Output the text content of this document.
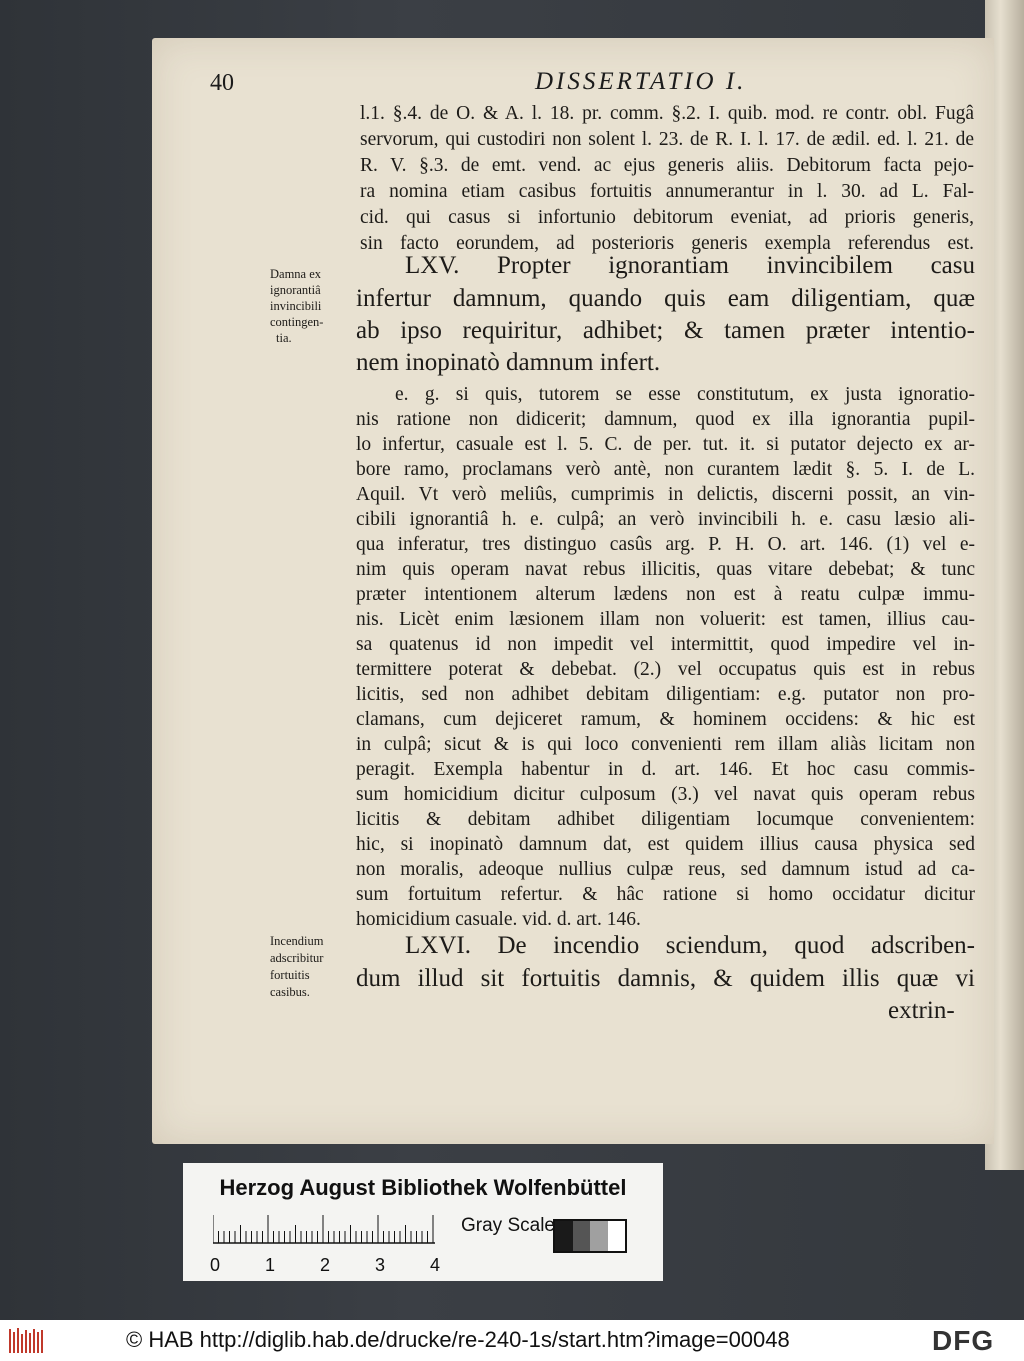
40	DISSERTATIO I.
l.1. §.4. de O. & A. l. 18. pr. comm. §.2. I. quib. mod. re contr. obl. Fugâ
servorum, qui custodiri non solent l. 23. de R. I. l. 17. de ædil. ed. l. 21. de
R. V. §.3. de emt. vend. ac ejus generis aliis. Debitorum facta pejo-
ra nomina etiam casibus fortuitis annumerantur in l. 30. ad L. Fal-
cid. qui casus si infortunio debitorum eveniat, ad prioris generis,
sin facto eorundem, ad posterioris generis exempla referendus est.
Damna ex
ignorantiâ
invincibili
contingen-
tia.
LXV. Propter ignorantiam invincibilem casu
infertur damnum, quando quis eam diligentiam, quæ
ab ipso requiritur, adhibet; & tamen præter intentio-
nem inopinatò damnum infert.
e. g. si quis, tutorem se esse constitutum, ex justa ignoratio-
nis ratione non didicerit; damnum, quod ex illa ignorantia pupil-
lo infertur, casuale est l. 5. C. de per. tut. it. si putator dejecto ex ar-
bore ramo, proclamans verò antè, non curantem lædit §. 5. I. de L.
Aquil. Vt verò meliûs, cumprimis in delictis, discerni possit, an vin-
cibili ignorantiâ h. e. culpâ; an verò invincibili h. e. casu læsio ali-
qua inferatur, tres distinguo casûs arg. P. H. O. art. 146. (1) vel e-
nim quis operam navat rebus illicitis, quas vitare debebat; & tunc
præter intentionem alterum lædens non est à reatu culpæ immu-
nis. Licèt enim læsionem illam non voluerit: est tamen, illius cau-
sa quatenus id non impedit vel intermittit, quod impedire vel in-
termittere poterat & debebat. (2.) vel occupatus quis est in rebus
licitis, sed non adhibet debitam diligentiam: e.g. putator non pro-
clamans, cum dejiceret ramum, & hominem occidens: & hic est
in culpâ; sicut & is qui loco convenienti rem illam aliàs licitam non
peragit. Exempla habentur in d. art. 146. Et hoc casu commis-
sum homicidium dicitur culposum (3.) vel navat quis operam rebus
licitis & debitam adhibet diligentiam locumque convenientem:
hic, si inopinatò damnum dat, est quidem illius causa physica sed
non moralis, adeoque nullius culpæ reus, sed damnum istud ad ca-
sum fortuitum refertur. & hâc ratione si homo occidatur dicitur
homicidium casuale. vid. d. art. 146.
Incendium
adscribitur
fortuitis
casibus.
LXVI. De incendio sciendum, quod adscriben-
dum illud sit fortuitis damnis, & quidem illis quæ vi
extrin-
Herzog August Bibliothek Wolfenbüttel
0 1 2 3 4
Gray Scale
© HAB http://diglib.hab.de/drucke/re-240-1s/start.htm?image=00048	DFG
